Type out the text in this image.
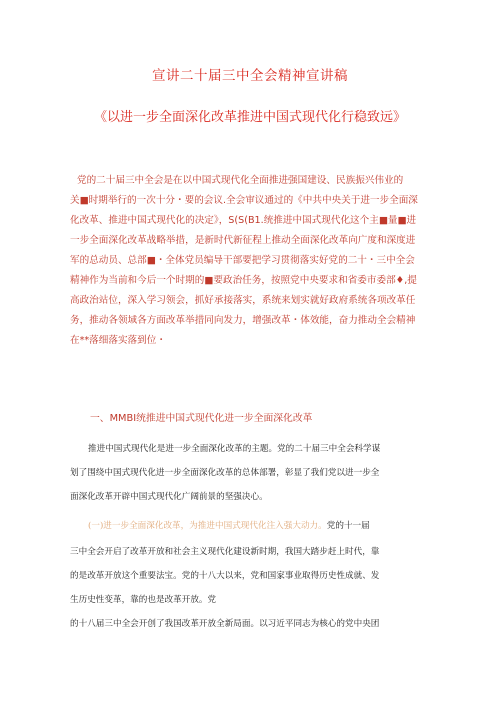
宣讲二十届三中全会精神宣讲稿
《以进一步全面深化改革推进中国式现代化行稳致远》
党的二十届三中全会是在以中国式现代化全面推进强国建设、民族振兴伟业的
关■时期举行的一次十分・要的会议.全会审议通过的《中共中央关于进一步全面深
化改革、推进中国式现代化的决定》，S(S(B1.统推进中国式现代化这个主■量■进
一步全面深化改革战略举措，是新时代新征程上推动全面深化改革向广度和深度进
军的总动员、总部■・全体党员编导干部要把学习贯彻落实好党的二十・三中全会
精神作为当前和今后一个时期的■要政治任务，按照党中央要求和省委市委部♦,提
高政治站位，深入学习领会，抓好承接落实，系统来划实就好政府系统各项改革任
务，推动各领域各方面改革举措同向发力，增强改革・体效能，奋力推动全会精神
在**落细落实落到位・
一、MMBI统推进中国式现代化进一步全面深化改革
推进中国式现代化是进一步全面深化改革的主题。党的二十届三中全会科学谋
划了围绕中国式现代化进一步全面深化改革的总体部署，彰显了我们党以进一步全
面深化改革开辟中国式现代化广阔前景的坚强决心。
(一)进一步全面深化改革，为推进中国式现代化注入强大动力。党的十一届
三中全会开启了改革开放和社会主义现代化建设新时期，我国大踏步赶上时代，靠
的是改革开放这个重要法宝。党的十八大以来，党和国家事业取得历史性成就、发
生历史性变革，靠的也是改革开放。党
的十八届三中全会开创了我国改革开放全新局面。以习近平同志为核心的党中央团
